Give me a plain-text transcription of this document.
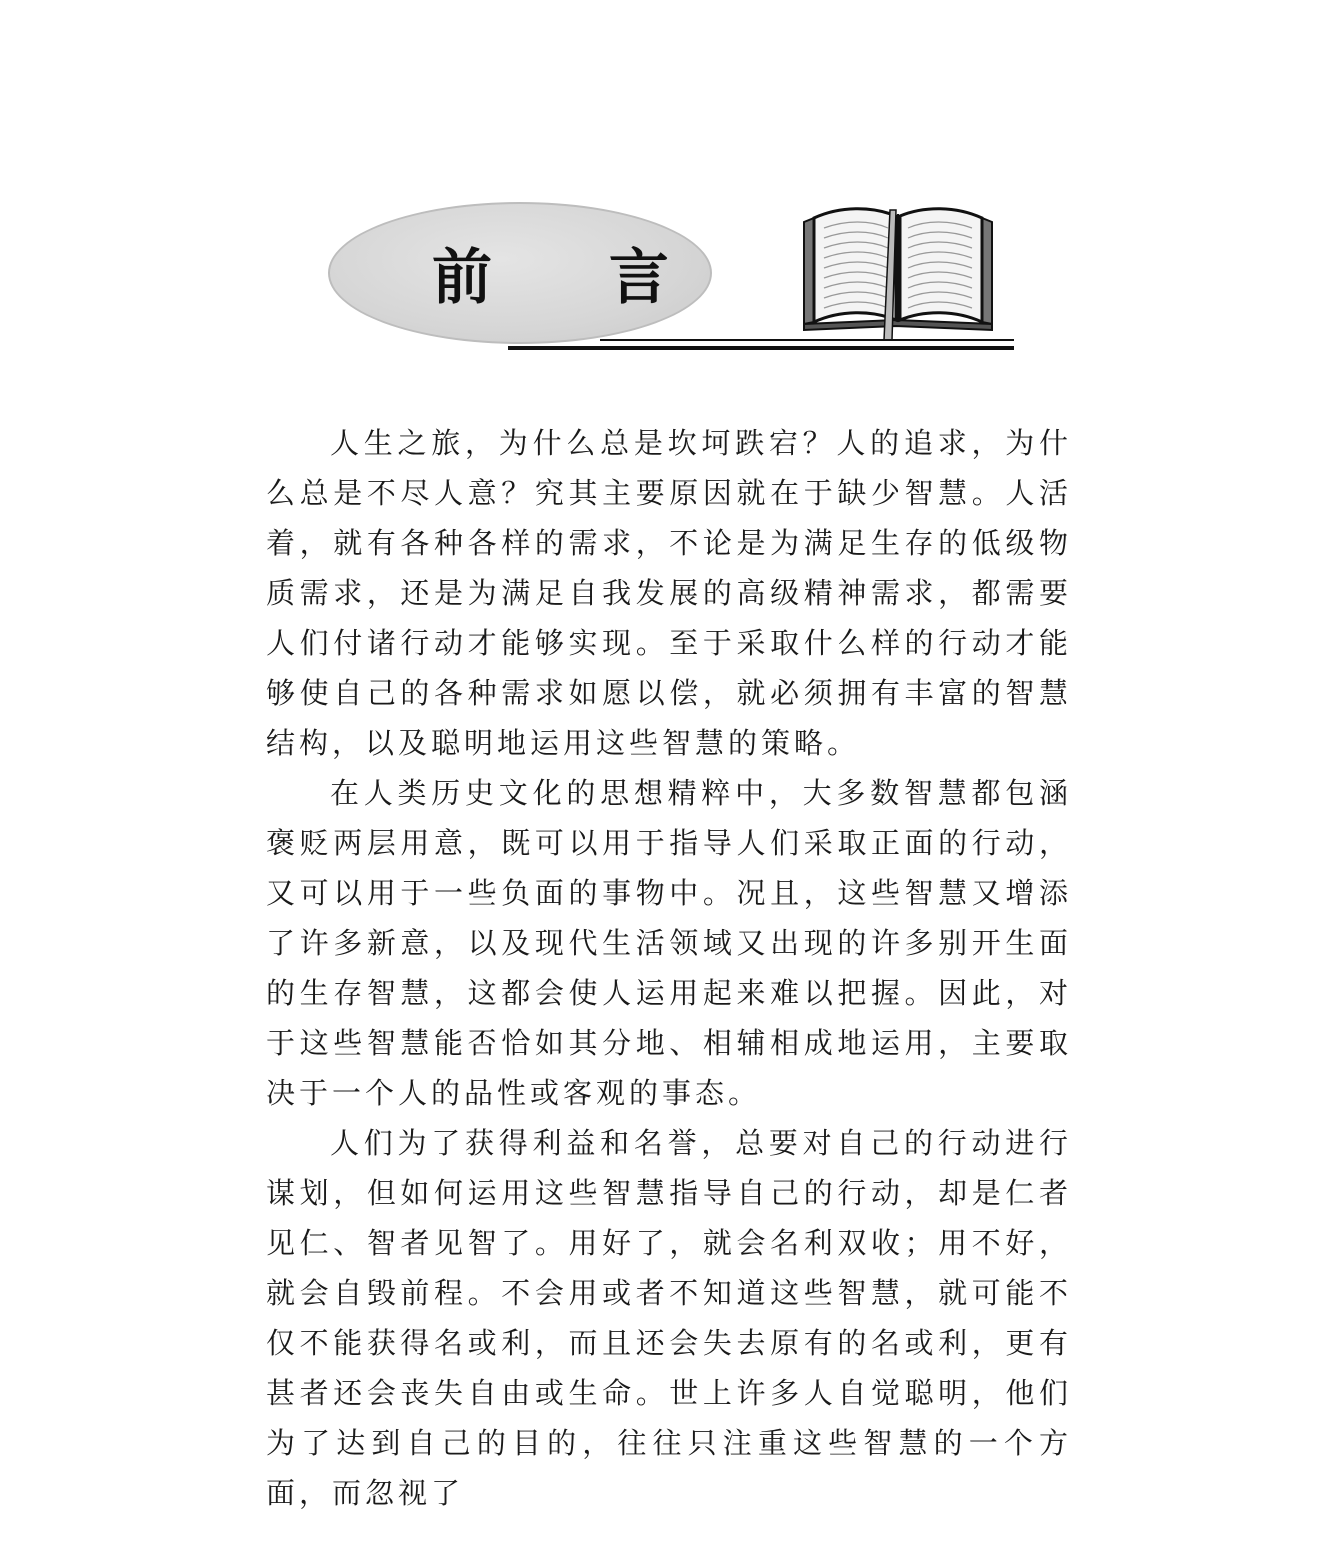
前 言

人生之旅，为什么总是坎坷跌宕？人的追求，为什么总是不尽人意？究其主要原因就在于缺少智慧。人活着，就有各种各样的需求，不论是为满足生存的低级物质需求，还是为满足自我发展的高级精神需求，都需要人们付诸行动才能够实现。至于采取什么样的行动才能够使自己的各种需求如愿以偿，就必须拥有丰富的智慧结构，以及聪明地运用这些智慧的策略。

在人类历史文化的思想精粹中，大多数智慧都包涵褒贬两层用意，既可以用于指导人们采取正面的行动，又可以用于一些负面的事物中。况且，这些智慧又增添了许多新意，以及现代生活领域又出现的许多别开生面的生存智慧，这都会使人运用起来难以把握。因此，对于这些智慧能否恰如其分地、相辅相成地运用，主要取决于一个人的品性或客观的事态。

人们为了获得利益和名誉，总要对自己的行动进行谋划，但如何运用这些智慧指导自己的行动，却是仁者见仁、智者见智了。用好了，就会名利双收；用不好，就会自毁前程。不会用或者不知道这些智慧，就可能不仅不能获得名或利，而且还会失去原有的名或利，更有甚者还会丧失自由或生命。世上许多人自觉聪明，他们为了达到自己的目的，往往只注重这些智慧的一个方面，而忽视了
